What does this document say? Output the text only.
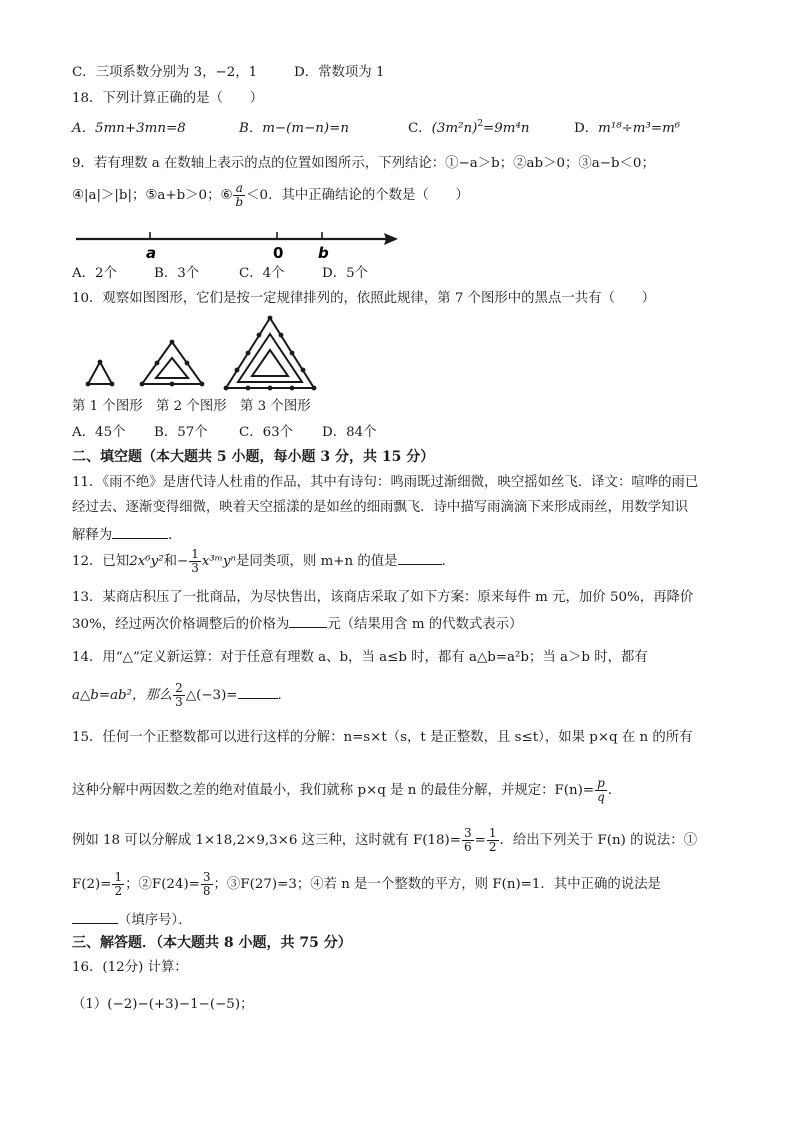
C．三项系数分别为 3，−2，1	D．常数项为 1
18．下列计算正确的是（　　）
A．5mn+3mn=8	B．m−(m−n)=n	C．$(3m^2n)^2=9m^4n$	D．m¹⁸÷m³=m⁶
9．若有理数 a 在数轴上表示的点的位置如图所示，下列结论：①−a＞b；②ab＞0；③a−b＜0；
④|a|＞|b|；⑤a+b＞0；⑥ $\frac{a}{b} <0$．其中正确结论的个数是（　　）
a	0 b
A．2个	B．3个	C．4个	D．5个
10．观察如图图形，它们是按一定规律排列的，依照此规律，第 7 个图形中的黑点一共有（　　）
第 1 个图形 第 2 个图形 第 3 个图形
A．45个 B．57个 C．63个 D．84个
二、填空题（本大题共 5 小题，每小题 3 分，共 15 分）
11．《雨不绝》是唐代诗人杜甫的作品，其中有诗句：鸣雨既过渐细微，映空摇如丝飞．译文：喧哗的雨已
经过去、逐渐变得细微，映着天空摇漾的是如丝的细雨飘飞．诗中描写雨滴滴下来形成雨丝，用数学知识
解释为	．
12．已知2x⁶y²和− $\frac{1}{3}$ x³ᵐyⁿ是同类项，则 m+n 的值是	．
13．某商店积压了一批商品，为尽快售出，该商店采取了如下方案：原来每件 m 元，加价 50%，再降价
30%，经过两次价格调整后的价格为	元（结果用含 m 的代数式表示）
14．用“△”定义新运算：对于任意有理数 a、b，当 a≤b 时，都有 a△b=a²b；当 a＞b 时，都有
a△b=ab²，那么 $\frac{2}{3}$ △(−3)=	．
15．任何一个正整数都可以进行这样的分解：n=s×t（s，t 是正整数，且 s≤t），如果 p×q 在 n 的所有
这种分解中两因数之差的绝对值最小，我们就称 p×q 是 n 的最佳分解，并规定：$F(n)= \frac{p}{q}$ ．
例如 18 可以分解成 1×18,2×9,3×6 这三种，这时就有 $F(18)= \frac{3}{6} = \frac{1}{2}$ ．给出下列关于 F(n) 的说法：①
$F(2)= \frac{1}{2}$ ；②F(24)= $\frac{3}{8}$ ；③F(27)=3；④若 n 是一个整数的平方，则 F(n)=1．其中正确的说法是
（填序号）．
三、解答题．（本大题共 8 小题，共 75 分）
16．(12分) 计算：
（1）(−2)−(+3)−1−(−5)；
